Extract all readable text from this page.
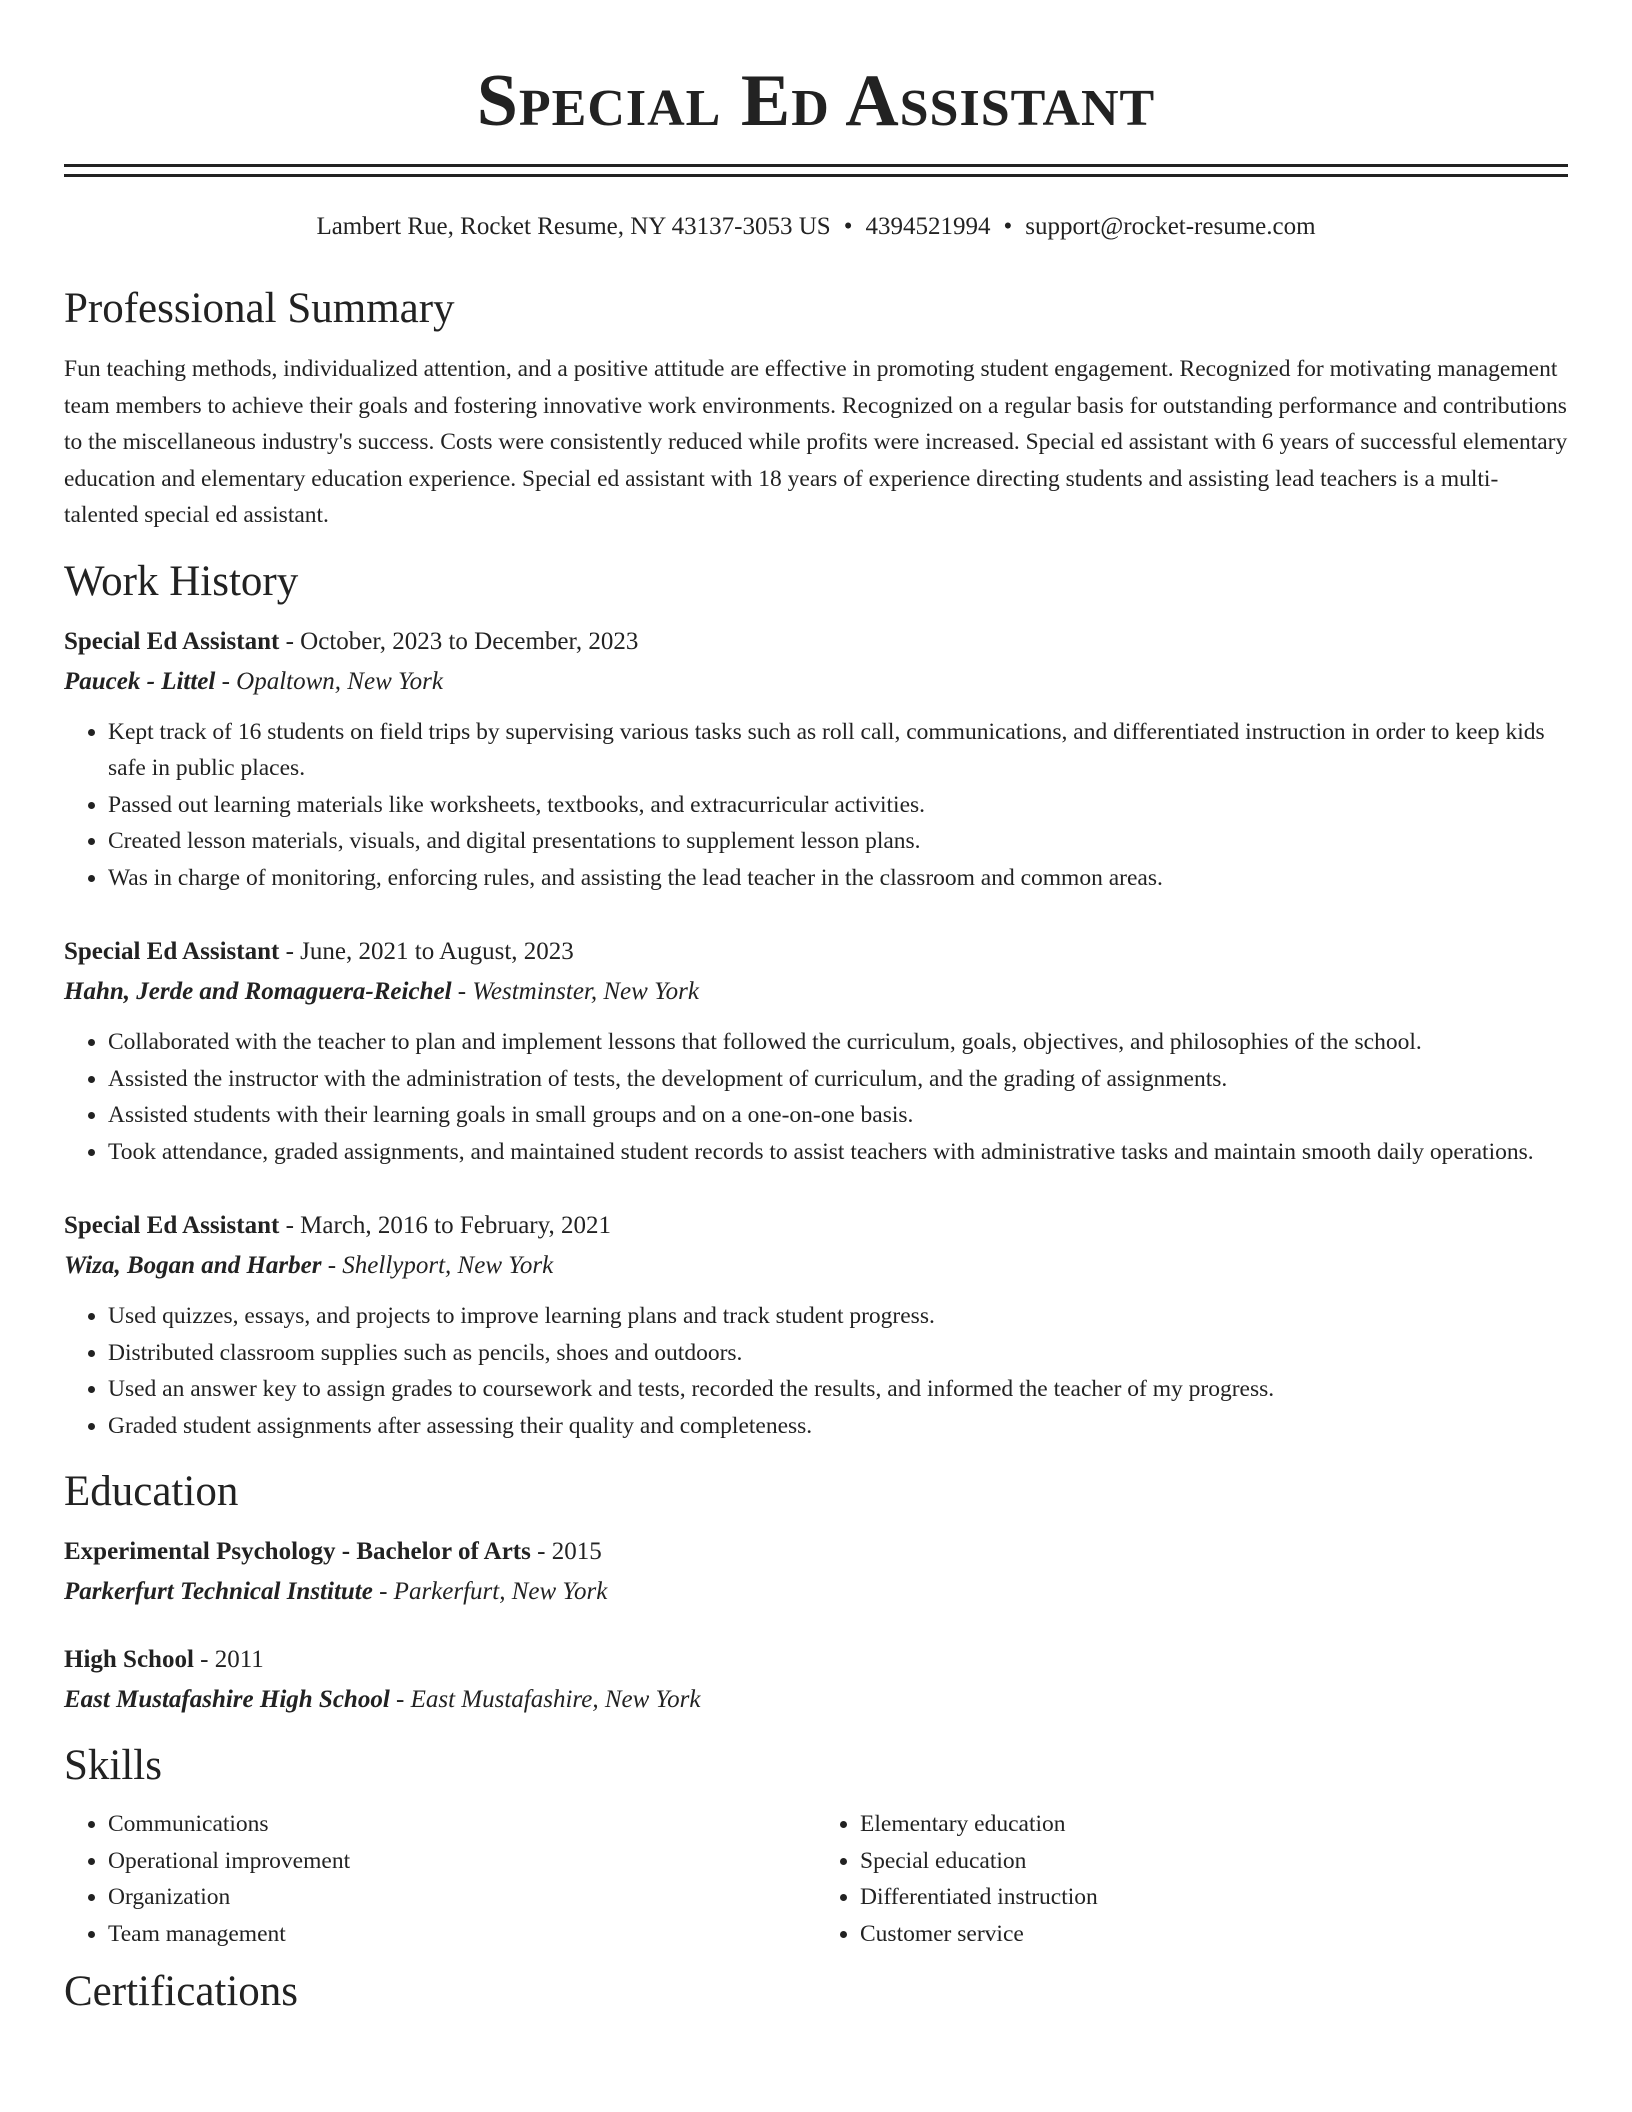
Special Ed Assistant
Lambert Rue, Rocket Resume, NY 43137-3053 US • 4394521994 • support@rocket-resume.com
Professional Summary
Fun teaching methods, individualized attention, and a positive attitude are effective in promoting student engagement. Recognized for motivating management team members to achieve their goals and fostering innovative work environments. Recognized on a regular basis for outstanding performance and contributions to the miscellaneous industry's success. Costs were consistently reduced while profits were increased. Special ed assistant with 6 years of successful elementary education and elementary education experience. Special ed assistant with 18 years of experience directing students and assisting lead teachers is a multi-talented special ed assistant.
Work History
Special Ed Assistant - October, 2023 to December, 2023
Paucek - Littel - Opaltown, New York
• Kept track of 16 students on field trips by supervising various tasks such as roll call, communications, and differentiated instruction in order to keep kids safe in public places.
• Passed out learning materials like worksheets, textbooks, and extracurricular activities.
• Created lesson materials, visuals, and digital presentations to supplement lesson plans.
• Was in charge of monitoring, enforcing rules, and assisting the lead teacher in the classroom and common areas.
Special Ed Assistant - June, 2021 to August, 2023
Hahn, Jerde and Romaguera-Reichel - Westminster, New York
• Collaborated with the teacher to plan and implement lessons that followed the curriculum, goals, objectives, and philosophies of the school.
• Assisted the instructor with the administration of tests, the development of curriculum, and the grading of assignments.
• Assisted students with their learning goals in small groups and on a one-on-one basis.
• Took attendance, graded assignments, and maintained student records to assist teachers with administrative tasks and maintain smooth daily operations.
Special Ed Assistant - March, 2016 to February, 2021
Wiza, Bogan and Harber - Shellyport, New York
• Used quizzes, essays, and projects to improve learning plans and track student progress.
• Distributed classroom supplies such as pencils, shoes and outdoors.
• Used an answer key to assign grades to coursework and tests, recorded the results, and informed the teacher of my progress.
• Graded student assignments after assessing their quality and completeness.
Education
Experimental Psychology - Bachelor of Arts - 2015
Parkerfurt Technical Institute - Parkerfurt, New York
High School - 2011
East Mustafashire High School - East Mustafashire, New York
Skills
• Communications
• Operational improvement
• Organization
• Team management
• Elementary education
• Special education
• Differentiated instruction
• Customer service
Certifications
